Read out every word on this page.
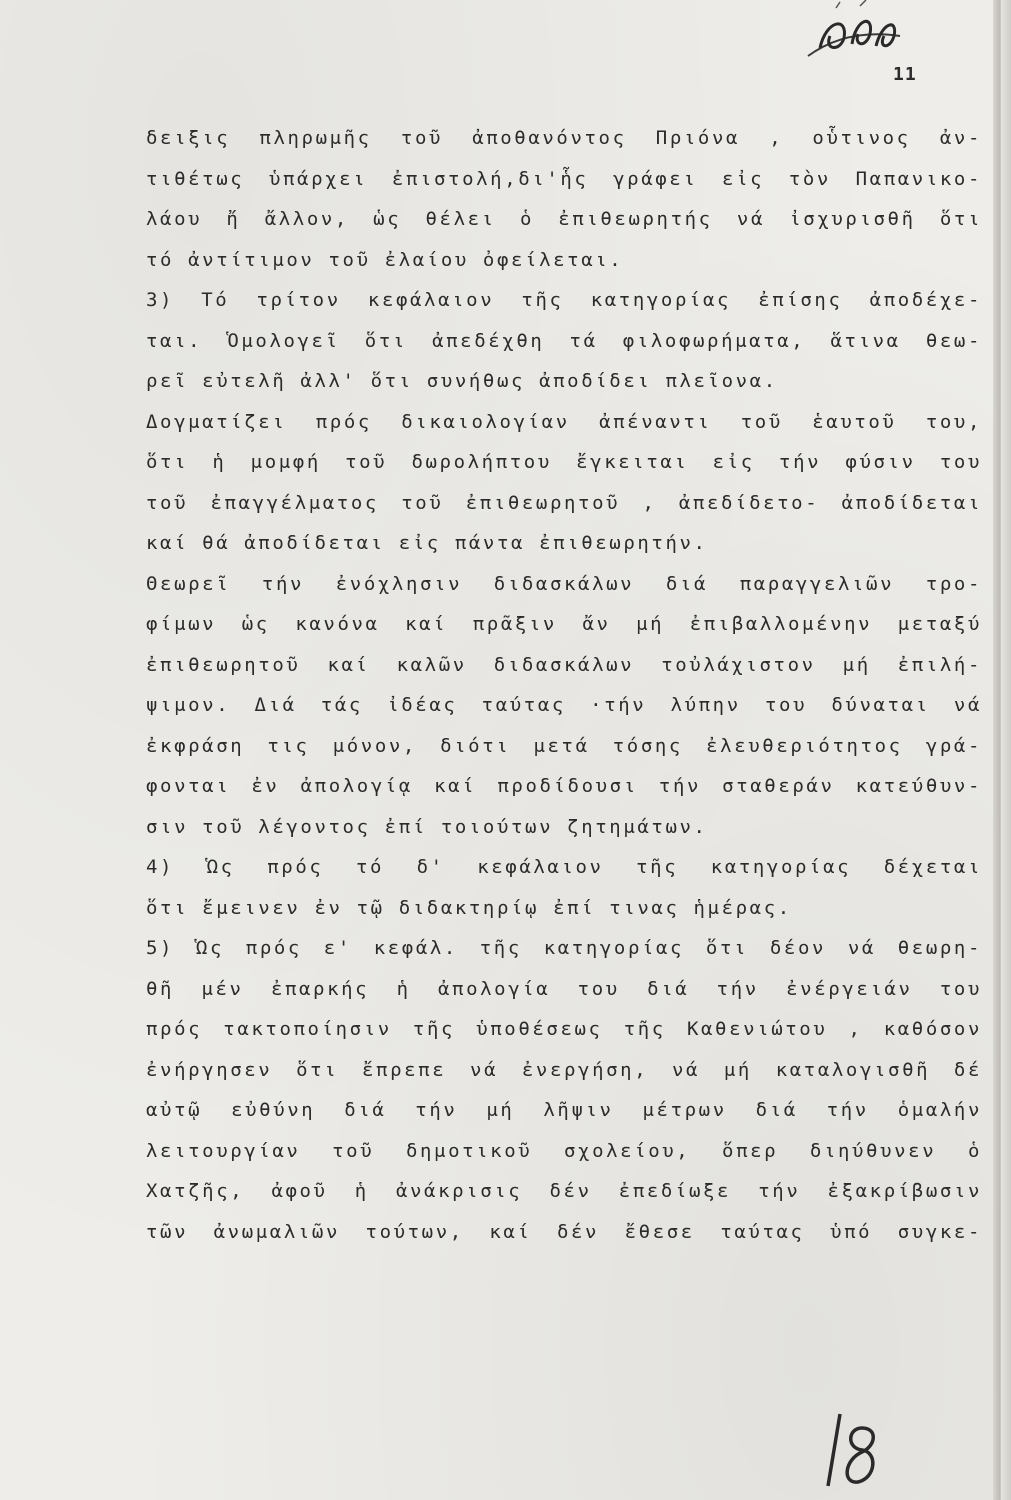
11
δειξις πληρωμῆς τοῦ ἀποθανόντος Πριόνα , οὗτινος ἀν-
τιθέτως ὑπάρχει ἐπιστολή,δι'ἧς γράφει εἰς τὸν Παπανικο-
λάου ἤ ἄλλον, ὡς θέλει ὁ ἐπιθεωρητής νά ἰσχυρισθῆ ὅτι
τό ἀντίτιμον τοῦ ἐλαίου ὀφείλεται.
3) Τό τρίτον κεφάλαιον τῆς κατηγορίας ἐπίσης ἀποδέχε-
ται. Ὁμολογεῖ ὅτι ἀπεδέχθη τά φιλοφωρήματα, ἅτινα θεω-
ρεῖ εὐτελῆ ἀλλ' ὅτι συνήθως ἀποδίδει πλεῖονα.
Δογματίζει πρός δικαιολογίαν ἀπέναντι τοῦ ἑαυτοῦ του,
ὅτι ἡ μομφή τοῦ δωρολήπτου ἔγκειται εἰς τήν φύσιν του
τοῦ ἐπαγγέλματος τοῦ ἐπιθεωρητοῦ , ἀπεδίδετο- ἀποδίδεται
καί θά ἀποδίδεται εἰς πάντα ἐπιθεωρητήν.
Θεωρεῖ τήν ἐνόχλησιν διδασκάλων διά παραγγελιῶν τρο-
φίμων ὡς κανόνα καί πρᾶξιν ἄν μή ἐπιβαλλομένην μεταξύ
ἐπιθεωρητοῦ καί καλῶν διδασκάλων τοὐλάχιστον μή ἐπιλή-
ψιμον. Διά τάς ἰδέας ταύτας ·τήν λύπην του δύναται νά
ἐκφράση τις μόνον, διότι μετά τόσης ἐλευθεριότητος γρά-
φονται ἐν ἀπολογίᾳ καί προδίδουσι τήν σταθεράν κατεύθυν-
σιν τοῦ λέγοντος ἐπί τοιούτων ζητημάτων.
4) Ὡς πρός τό δ' κεφάλαιον τῆς κατηγορίας δέχεται
ὅτι ἔμεινεν ἐν τῷ διδακτηρίῳ ἐπί τινας ἡμέρας.
5) Ὡς πρός ε' κεφάλ. τῆς κατηγορίας ὅτι δέον νά θεωρη-
θῆ μέν ἐπαρκής ἡ ἀπολογία του διά τήν ἐνέργειάν του
πρός τακτοποίησιν τῆς ὑποθέσεως τῆς Καθενιώτου , καθόσον
ἐνήργησεν ὅτι ἔπρεπε νά ἐνεργήση, νά μή καταλογισθῆ δέ
αὐτῷ εὐθύνη διά τήν μή λῆψιν μέτρων διά τήν ὁμαλήν
λειτουργίαν τοῦ δημοτικοῦ σχολείου, ὅπερ διηύθυνεν ὁ
Χατζῆς, ἀφοῦ ἡ ἀνάκρισις δέν ἐπεδίωξε τήν ἐξακρίβωσιν
τῶν ἀνωμαλιῶν τούτων, καί δέν ἔθεσε ταύτας ὑπό συγκε-
